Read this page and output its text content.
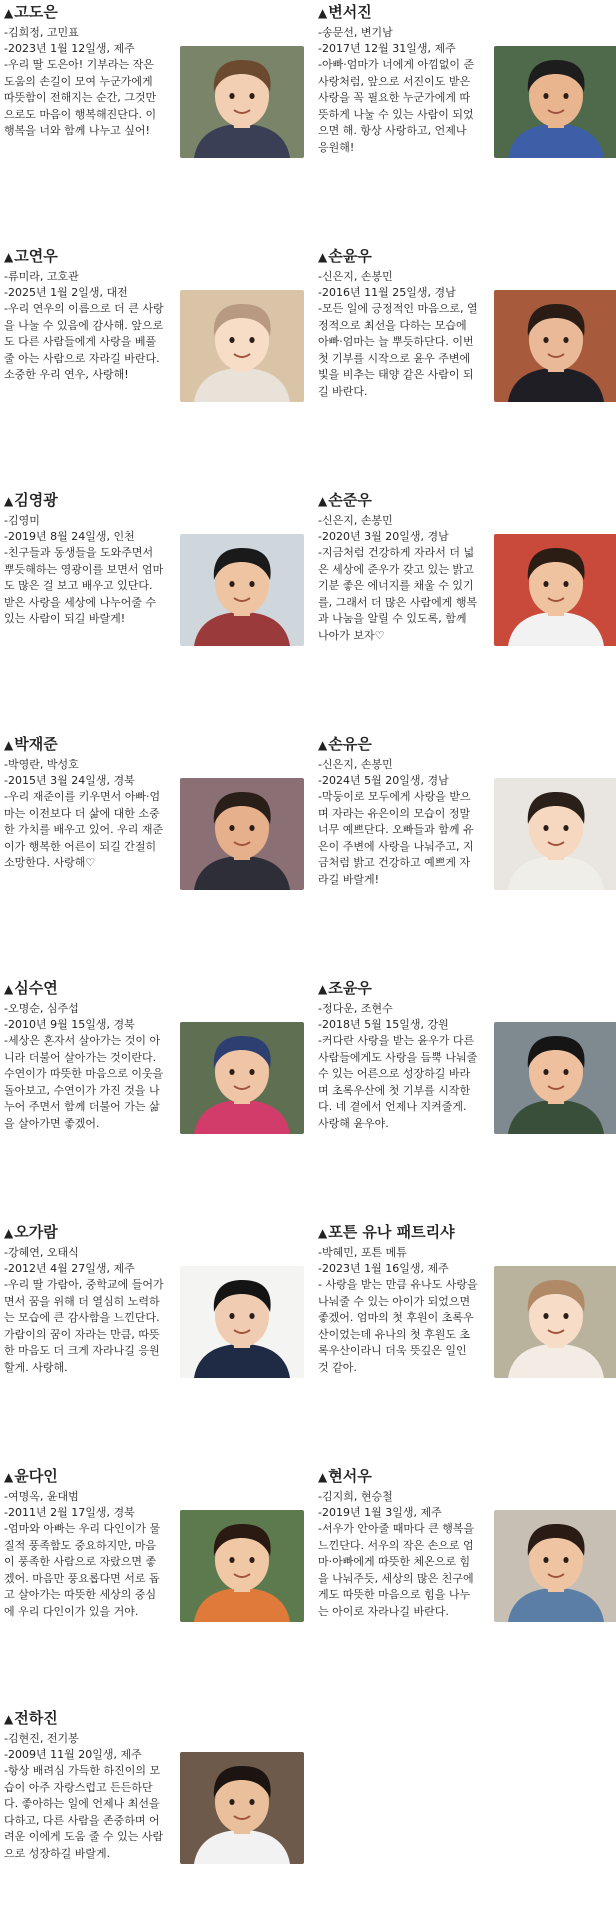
▲고도은
-김희정, 고민표
-2023년 1월 12일생, 제주
-우리 딸 도은아! 기부라는 작은 도움의 손길이 모여 누군가에게 따뜻함이 전해지는 순간, 그것만으로도 마음이 행복해진단다. 이 행복을 너와 함께 나누고 싶어!
▲변서진
-송문선, 변기남
-2017년 12월 31일생, 제주
-아빠·엄마가 너에게 아낌없이 준 사랑처럼, 앞으로 서진이도 받은 사랑을 꼭 필요한 누군가에게 따뜻하게 나눌 수 있는 사람이 되었으면 해. 항상 사랑하고, 언제나 응원해!
▲고연우
-류미라, 고호관
-2025년 1월 2일생, 대전
-우리 연우의 이름으로 더 큰 사랑을 나눌 수 있음에 감사해. 앞으로도 다른 사람들에게 사랑을 베풀 줄 아는 사람으로 자라길 바란다. 소중한 우리 연우, 사랑해!
▲손윤우
-신은지, 손봉민
-2016년 11월 25일생, 경남
-모든 일에 긍정적인 마음으로, 열정적으로 최선을 다하는 모습에 아빠·엄마는 늘 뿌듯하단다. 이번 첫 기부를 시작으로 윤우 주변에 빛을 비추는 태양 같은 사람이 되길 바란다.
▲김영광
-김영미
-2019년 8월 24일생, 인천
-친구들과 동생들을 도와주면서 뿌듯해하는 영광이를 보면서 엄마도 많은 걸 보고 배우고 있단다. 받은 사랑을 세상에 나누어줄 수 있는 사람이 되길 바랄게!
▲손준우
-신은지, 손봉민
-2020년 3월 20일생, 경남
-지금처럼 건강하게 자라서 더 넓은 세상에 준우가 갖고 있는 밝고 기분 좋은 에너지를 채울 수 있기를, 그래서 더 많은 사람에게 행복과 나눔을 알릴 수 있도록, 함께 나아가 보자♡
▲박재준
-박영란, 박성호
-2015년 3월 24일생, 경북
-우리 재준이를 키우면서 아빠·엄마는 이전보다 더 삶에 대한 소중한 가치를 배우고 있어. 우리 재준이가 행복한 어른이 되길 간절히 소망한다. 사랑해♡
▲손유은
-신은지, 손봉민
-2024년 5월 20일생, 경남
-막둥이로 모두에게 사랑을 받으며 자라는 유은이의 모습이 정말 너무 예쁘단다. 오빠들과 함께 유은이 주변에 사랑을 나눠주고, 지금처럼 밝고 건강하고 예쁘게 자라길 바랄게!
▲심수연
-오명순, 심주섭
-2010년 9월 15일생, 경북
-세상은 혼자서 살아가는 것이 아니라 더불어 살아가는 것이란다. 수연이가 따뜻한 마음으로 이웃을 돌아보고, 수연이가 가진 것을 나누어 주면서 함께 더불어 가는 삶을 살아가면 좋겠어.
▲조윤우
-정다운, 조현수
-2018년 5월 15일생, 강원
-커다란 사랑을 받는 윤우가 다른 사람들에게도 사랑을 듬뿍 나눠줄 수 있는 어른으로 성장하길 바라며 초록우산에 첫 기부를 시작한다. 네 곁에서 언제나 지켜줄게. 사랑해 윤우야.
▲오가람
-강혜연, 오태식
-2012년 4월 27일생, 제주
-우리 딸 가람아, 중학교에 들어가면서 꿈을 위해 더 열심히 노력하는 모습에 큰 감사함을 느낀단다. 가람이의 꿈이 자라는 만큼, 따뜻한 마음도 더 크게 자라나길 응원할게. 사랑해.
▲포튼 유나 패트리샤
-박혜민, 포튼 메튜
-2023년 1월 16일생, 제주
- 사랑을 받는 만큼 유나도 사랑을 나눠줄 수 있는 아이가 되었으면 좋겠어. 엄마의 첫 후원이 초록우산이었는데 유나의 첫 후원도 초록우산이라니 더욱 뜻깊은 일인 것 같아.
▲윤다인
-여명옥, 윤대범
-2011년 2월 17일생, 경북
-엄마와 아빠는 우리 다인이가 물질적 풍족함도 중요하지만, 마음이 풍족한 사람으로 자랐으면 좋겠어. 마음만 풍요롭다면 서로 돕고 살아가는 따뜻한 세상의 중심에 우리 다인이가 있을 거야.
▲현서우
-김지희, 현승철
-2019년 1월 3일생, 제주
-서우가 안아줄 때마다 큰 행복을 느낀단다. 서우의 작은 손으로 엄마·아빠에게 따뜻한 체온으로 힘을 나눠주듯, 세상의 많은 친구에게도 따뜻한 마음으로 힘을 나누는 아이로 자라나길 바란다.
▲전하진
-김현진, 전기봉
-2009년 11월 20일생, 제주
-항상 배려심 가득한 하진이의 모습이 아주 자랑스럽고 든든하단다. 좋아하는 일에 언제나 최선을 다하고, 다른 사람을 존중하며 어려운 이에게 도움 줄 수 있는 사람으로 성장하길 바랄게.
